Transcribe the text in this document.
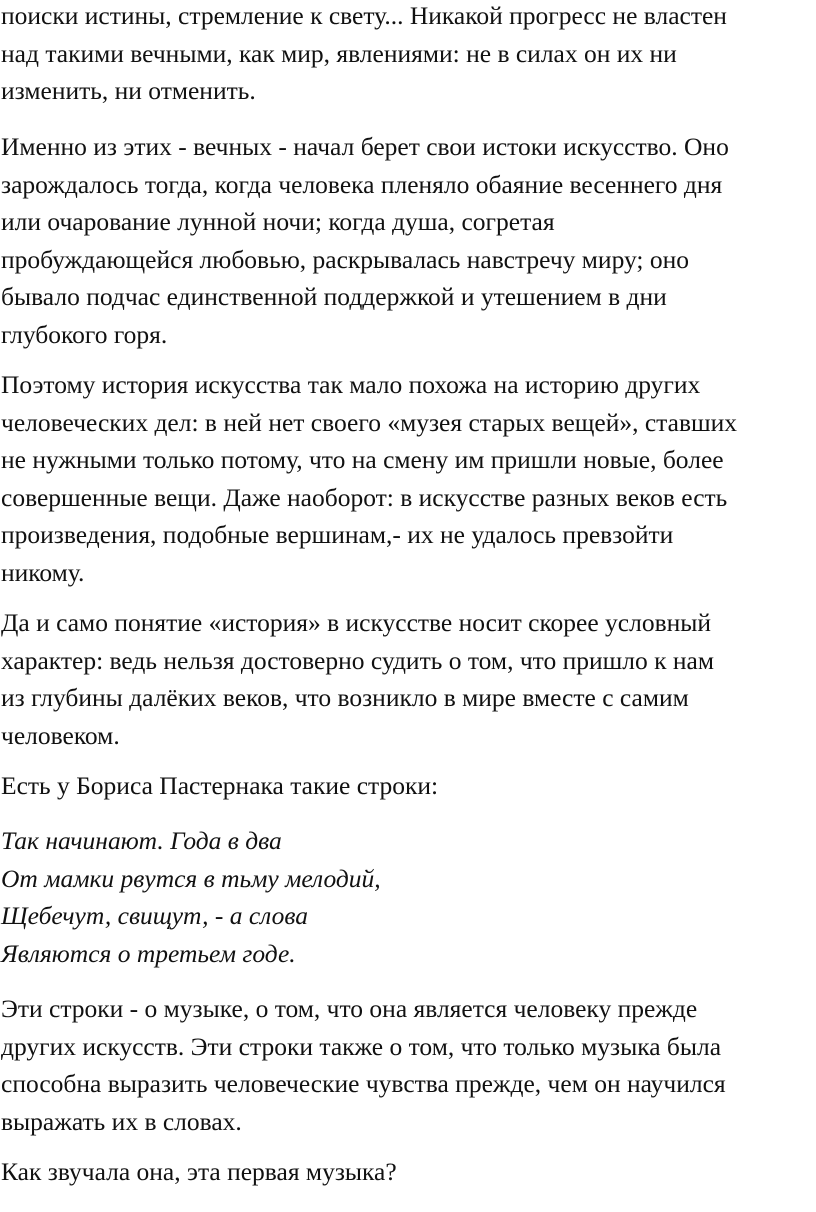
поиски истины, стремление к свету... Никакой прогресс не властен
над такими вечными, как мир, явлениями: не в силах он их ни
изменить, ни отменить.

Именно из этих - вечных - начал берет свои истоки искусство. Оно
зарождалось тогда, когда человека пленяло обаяние весеннего дня
или очарование лунной ночи; когда душа, согретая
пробуждающейся любовью, раскрывалась навстречу миру; оно
бывало подчас единственной поддержкой и утешением в дни
глубокого горя.

Поэтому история искусства так мало похожа на историю других
человеческих дел: в ней нет своего «музея старых вещей», ставших
не нужными только потому, что на смену им пришли новые, более
совершенные вещи. Даже наоборот: в искусстве разных веков есть
произведения, подобные вершинам,- их не удалось превзойти
никому.

Да и само понятие «история» в искусстве носит скорее условный
характер: ведь нельзя достоверно судить о том, что пришло к нам
из глубины далёких веков, что возникло в мире вместе с самим
человеком.

Есть у Бориса Пастернака такие строки:

Так начинают. Года в два
От мамки рвутся в тьму мелодий,
Щебечут, свищут, - а слова
Являются о третьем годе.

Эти строки - о музыке, о том, что она является человеку прежде
других искусств. Эти строки также о том, что только музыка была
способна выразить человеческие чувства прежде, чем он научился
выражать их в словах.

Как звучала она, эта первая музыка?
